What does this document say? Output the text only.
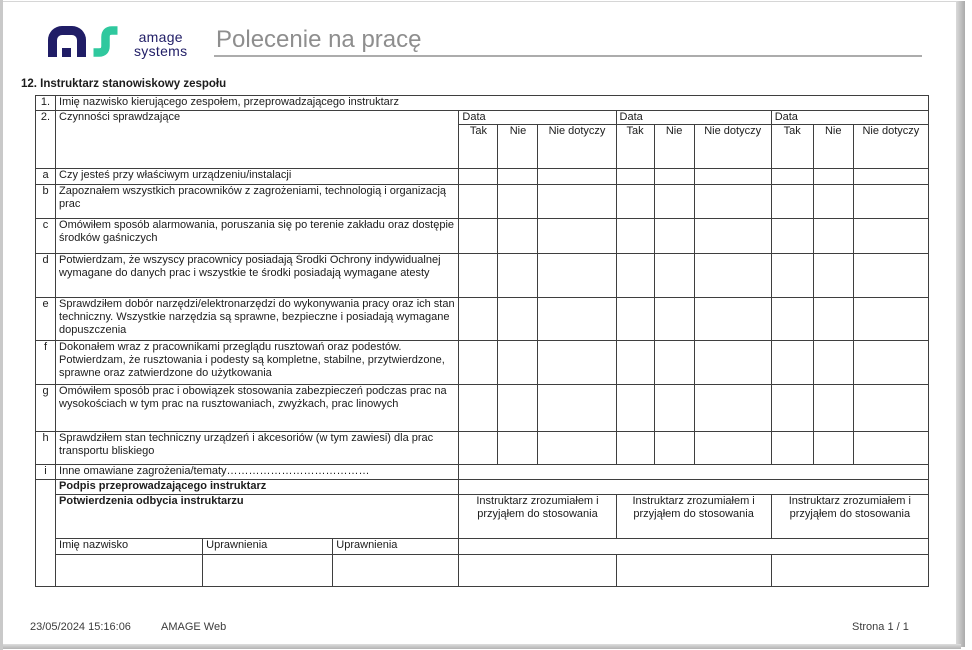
amage
systems Polecenie na pracę
12. Instruktarz stanowiskowy zespołu
1.	Imię nazwisko kierującego zespołem, przeprowadzającego instruktarz											
2.	Czynności sprawdzające			Data			Data			Data		
				Tak	Nie	Nie dotyczy	Tak	Nie	Nie dotyczy	Tak	Nie	Nie dotyczy
a	Czy jesteś przy właściwym urządzeniu/instalacji											
b	Zapoznałem wszystkich pracowników z zagrożeniami, technologią i organizacją prac											
c	Omówiłem sposób alarmowania, poruszania się po terenie zakładu oraz dostępie środków gaśniczych											
d	Potwierdzam, że wszyscy pracownicy posiadają Środki Ochrony indywidualnej wymagane do danych prac i wszystkie te środki posiadają wymagane atesty											
e	Sprawdziłem dobór narzędzi/elektronarzędzi do wykonywania pracy oraz ich stan techniczny. Wszystkie narzędzia są sprawne, bezpieczne i posiadają wymagane dopuszczenia											
f	Dokonałem wraz z pracownikami przeglądu rusztowań oraz podestów. Potwierdzam, że rusztowania i podesty są kompletne, stabilne, przytwierdzone, sprawne oraz zatwierdzone do użytkowania											
g	Omówiłem sposób prac i obowiązek stosowania zabezpieczeń podczas prac na wysokościach w tym prac na rusztowaniach, zwyżkach, prac linowych											
h	Sprawdziłem stan techniczny urządzeń i akcesoriów (w tym zawiesi) dla prac transportu bliskiego											
i	Inne omawiane zagrożenia/tematy…………………………………											
	Podpis przeprowadzającego instruktarz											
	Potwierdzenia odbycia instruktarzu			Instruktarz zrozumiałem i przyjąłem do stosowania			Instruktarz zrozumiałem i przyjąłem do stosowania			Instruktarz zrozumiałem i przyjąłem do stosowania		
	Imię nazwisko	Uprawnienia	Uprawnienia									

23/05/2024 15:16:06	AMAGE Web	Strona 1 / 1
